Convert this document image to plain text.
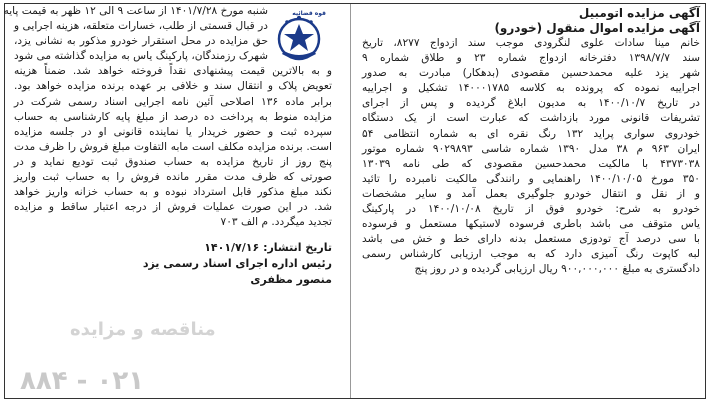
مناقصه و مزایده
۰۲۱ - ۸۸۴
آگهی مزایده اتومبیل
آگهی مزایده اموال منقول (خودرو)
خانم مینا سادات علوی لنگرودی موجب سند ازدواج ۸۲۷۷، تاریخ
سند ۱۳۹۸/۷/۷ دفترخانه ازدواج شماره ۲۳ و طلاق شماره ۹
شهر یزد علیه محمدحسین مقصودی (بدهکار) مبادرت به صدور
اجراییه نموده که پرونده به کلاسه ۱۴۰۰۰۱۷۸۵ تشکیل و اجراییه
در تاریخ ۱۴۰۰/۱۰/۷ به مدیون ابلاغ گردیده و پس از اجرای
تشریفات قانونی مورد بازداشت که عبارت است از یک دستگاه
خودروی سواری پراید ۱۳۲ رنگ نقره ای به شماره انتظامی ۵۴
ایران ۹۶۳ م ۳۸ مدل ۱۳۹۰ شماره شاسی ۹۰۲۹۸۹۳ شماره موتور
۴۳۷۳۰۳۸ با مالکیت محمدحسین مقصودی که طی نامه ۱۳۰۳۹
۳۵۰ مورخ ۱۴۰۰/۱۰/۰۵ راهنمایی و رانندگی مالکیت نامبرده را تائید
و از نقل و انتقال خودرو جلوگیری بعمل آمد و سایر مشخصات
خودرو به شرح: خودرو فوق از تاریخ ۱۴۰۰/۱۰/۰۸ در پارکینگ
یاس متوقف می باشد باطری فرسوده لاستیکها مستعمل و فرسوده
با سی درصد آج تودوزی مستعمل بدنه دارای خط و خش می باشد
لبه کاپوت رنگ آمیزی دارد که به موجب ارزیابی کارشناس رسمی
دادگستری به مبلغ ۹۰۰,۰۰۰,۰۰۰ ریال ارزیابی گردیده و در روز پنج
قوه قضائیه
شنبه مورخ ۱۴۰۱/۷/۲۸ از ساعت ۹ الی ۱۲ ظهر به قیمت پایه
در قبال قسمتی از طلب، خسارات متعلقه، هزینه اجرایی و
حق مزایده در محل استقرار خودرو مذکور به نشانی یزد،
شهرک رزمندگان، پارکینگ یاس به مزایده گذاشته می شود
و به بالاترین قیمت پیشنهادی نقداً فروخته خواهد شد. ضمناً هزینه
تعویض پلاک و انتقال سند و خلافی بر عهده برنده مزایده خواهد بود.
برابر ماده ۱۳۶ اصلاحی آئین نامه اجرایی اسناد رسمی شرکت در
مزایده منوط به پرداخت ده درصد از مبلغ پایه کارشناسی به حساب
سپرده ثبت و حضور خریدار یا نماینده قانونی او در جلسه مزایده
است. برنده مزایده مکلف است مابه التفاوت مبلغ فروش را ظرف مدت
پنج روز از تاریخ مزایده به حساب صندوق ثبت تودیع نماید و در
صورتی که ظرف مدت مقرر مانده فروش را به حساب ثبت واریز
نکند مبلغ مذکور قابل استرداد نبوده و به حساب خزانه واریز خواهد
شد. در این صورت عملیات فروش از درجه اعتبار ساقط و مزایده
تجدید میگردد. م الف ۷۰۳
تاریخ انتشار: ۱۴۰۱/۷/۱۶
رئیس اداره اجرای اسناد رسمی یزد
منصور مظفری
